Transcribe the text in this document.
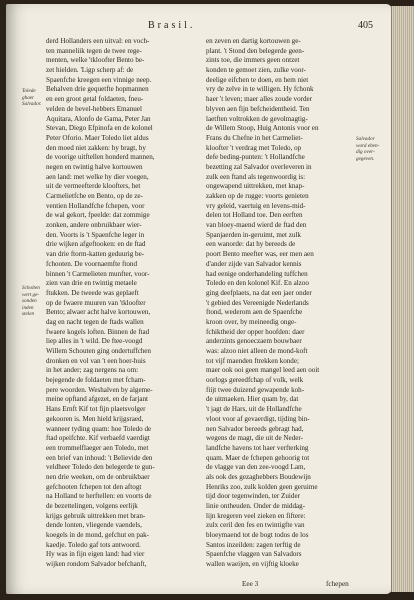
Brasil.	405
Tolede
ghaet
Salvador.
Scholten
wert ge-
sonden
inden
stelen
Salvador
word eben-
dig over-
gegeven.
derd Hollanders een uitval: en voch-
ten manneliik tegen de twee rege-
menten, welke 'tkloofter Bento be-
zet hielden. 'Ligp scherp af: de
Spaenfche kreegen een vinnige neep.
Behalven drie gequetfte hopmannen
en een groot getal foldaeten, fneu-
velden de bevel-hebbers Emanuel
Aquitara, Alonfo de Gama, Peter Jan
Stevan, Diego Efpinofa en de kolonel
Peter Oforio. Maer Toledo liet aldus
den moed niet zakken: hy bragt, by
de voorige uitftellen honderd mannen,
negen en twintig halve kortouwen
aen land: met welke hy dier voegen,
uit de vermeefterde kloofters, het
Carmelietfche en Bento, op de ze-
ventien Hollandfche fchepen, voor
de wal gekort, fpeelde: dat zommige
zonken, andere onbruikbaer wier-
den. Voorts is 't Spaenfche leger in
drie wijken afgeftooken: en de ftad
van drie ftorm-katten geduurig be-
fchooten. De voornaemfte ftond
binnen 't Carmelieten munfter, voor-
zien van drie en twintig metaele
ftukken. De tweede was geplaeft
op de fwaere muuren van 'tkloofter
Bento; alwaer acht halve kortouwen,
dag en nacht tegen de ftads wallen
fwaere kogels loften. Binnen de ftad
liep alles in 't wild. De ftee-voogd
Willem Schouten ging ondertuffchen
dronken en vol van 't een hoer-huis
in het ander; zag nergens na om:
bejegende de foldaeten met fcham-
pere woorden. Weshalven by algeme-
meine opftand afgezet, en de farjant
Hans Ernft Kif tot fijn plaetsvolger
gekooren is. Men hield krijgsraed,
wanneer tyding quam: hoe Toledo de
ftad opeifchte. Kif verbaefd vaerdigt
een trommelflaeger aen Toledo, met
een brief van inhoud: 't Believide den
veldheer Toledo den belegerde te gun-
nen drie weeken, om de onbruikbaer
gefchooten fchepen tot den aftogt
na Holland te herftellen: en voorts de
de bezettelingen, volgens eerlijk
krijgs gebruik uittrekken met bran-
dende lonten, vliegende vaendels,
koegels in de mond, gefchut en pak-
kaedje. Toledo gaf tots antwoord.
Hy was in fijn eigen land: had vier
wijken rondom Salvador befchanft,
en zeven en dartig kortouwen ge-
plant. 't Stond den belegerde geen-
zints toe, die immers geen ontzet
konden te gemoet zien, zulke voor-
deelige eifchen te doen, en hem niet
vry de zelve in te willigen. Hy fchonk
haer 't leven; maer alles zoude vorder
blyven aen fijn befcheidentheid. Ten
laetften voltrokken de gevolmagtig-
de Willem Stoop, Huig Antonis voor en
Frans du Chefne in het Carmeliet-
kloofter 't verdrag met Toledo, op
defe beding-punten: 't Hollandfche
bezetting zal Salvador overleveren in
zulk een ftand als tegenwoordig is:
ongewapend uittrekken, met knap-
zakken op de rugge: voorts genieten
vry geleid, vaertuig en levens-mid-
delen tot Holland toe. Den eerften
van bloey-maend wierd de ftad den
Spanjaerden in-geruimt, met zulk
een wanorde: dat hy bereeds de
poort Bento meefter was, eer men aen
d'ander zijde van Salvador kennis
had eenige onderhandeling tuffchen
Toledo en den kolonel Kif. En alzoo
ging deefplaets, na dat een jaer onder
't gebied des Vereenigde Nederlands
ftond, wederom aen de Spaenfche
kroon over, by meineedig onge-
fchiktheid der opper hoofden: daer
anderzints genoeczaem bouwbaer
was: alzoo niet alleen de mond-koft
tot vijf maenden ftrekken konde;
maer ook ooi geen mangel leed aen ooit
oorlogs gereedfchap of volk, welk
fiijt twee duizend gewapende koh-
de uitmaeken. Hier quam by, dat
't jagt de Hars, uit de Hollandfche
vloot voor af gevaerdigt, tijding bin-
nen Salvador bereeds gebragt had,
wegens de magt, die uit de Neder-
landfche havens tot haer verfterking
quam. Maer de fchepen gehoorig tot
de vlagge van den zee-voogd Lam,
als ook des gezaghebbers Boudewijn
Henriks zoo, zulk kolden geen geruime
tijd door tegenwinden, ter Zuider
linie ontheuden. Onder de middag-
lijn kregeren veel zieken en fiftere:
zulx ceril den fes en twintigfte van
bloeymaend tot de bogt todos de los
Santos inzeilden: zagen terftig de
Spaenfche vlaggen van Salvadors
wallen waeijen, en vijftig kloeke
Eee 3	fchepen
